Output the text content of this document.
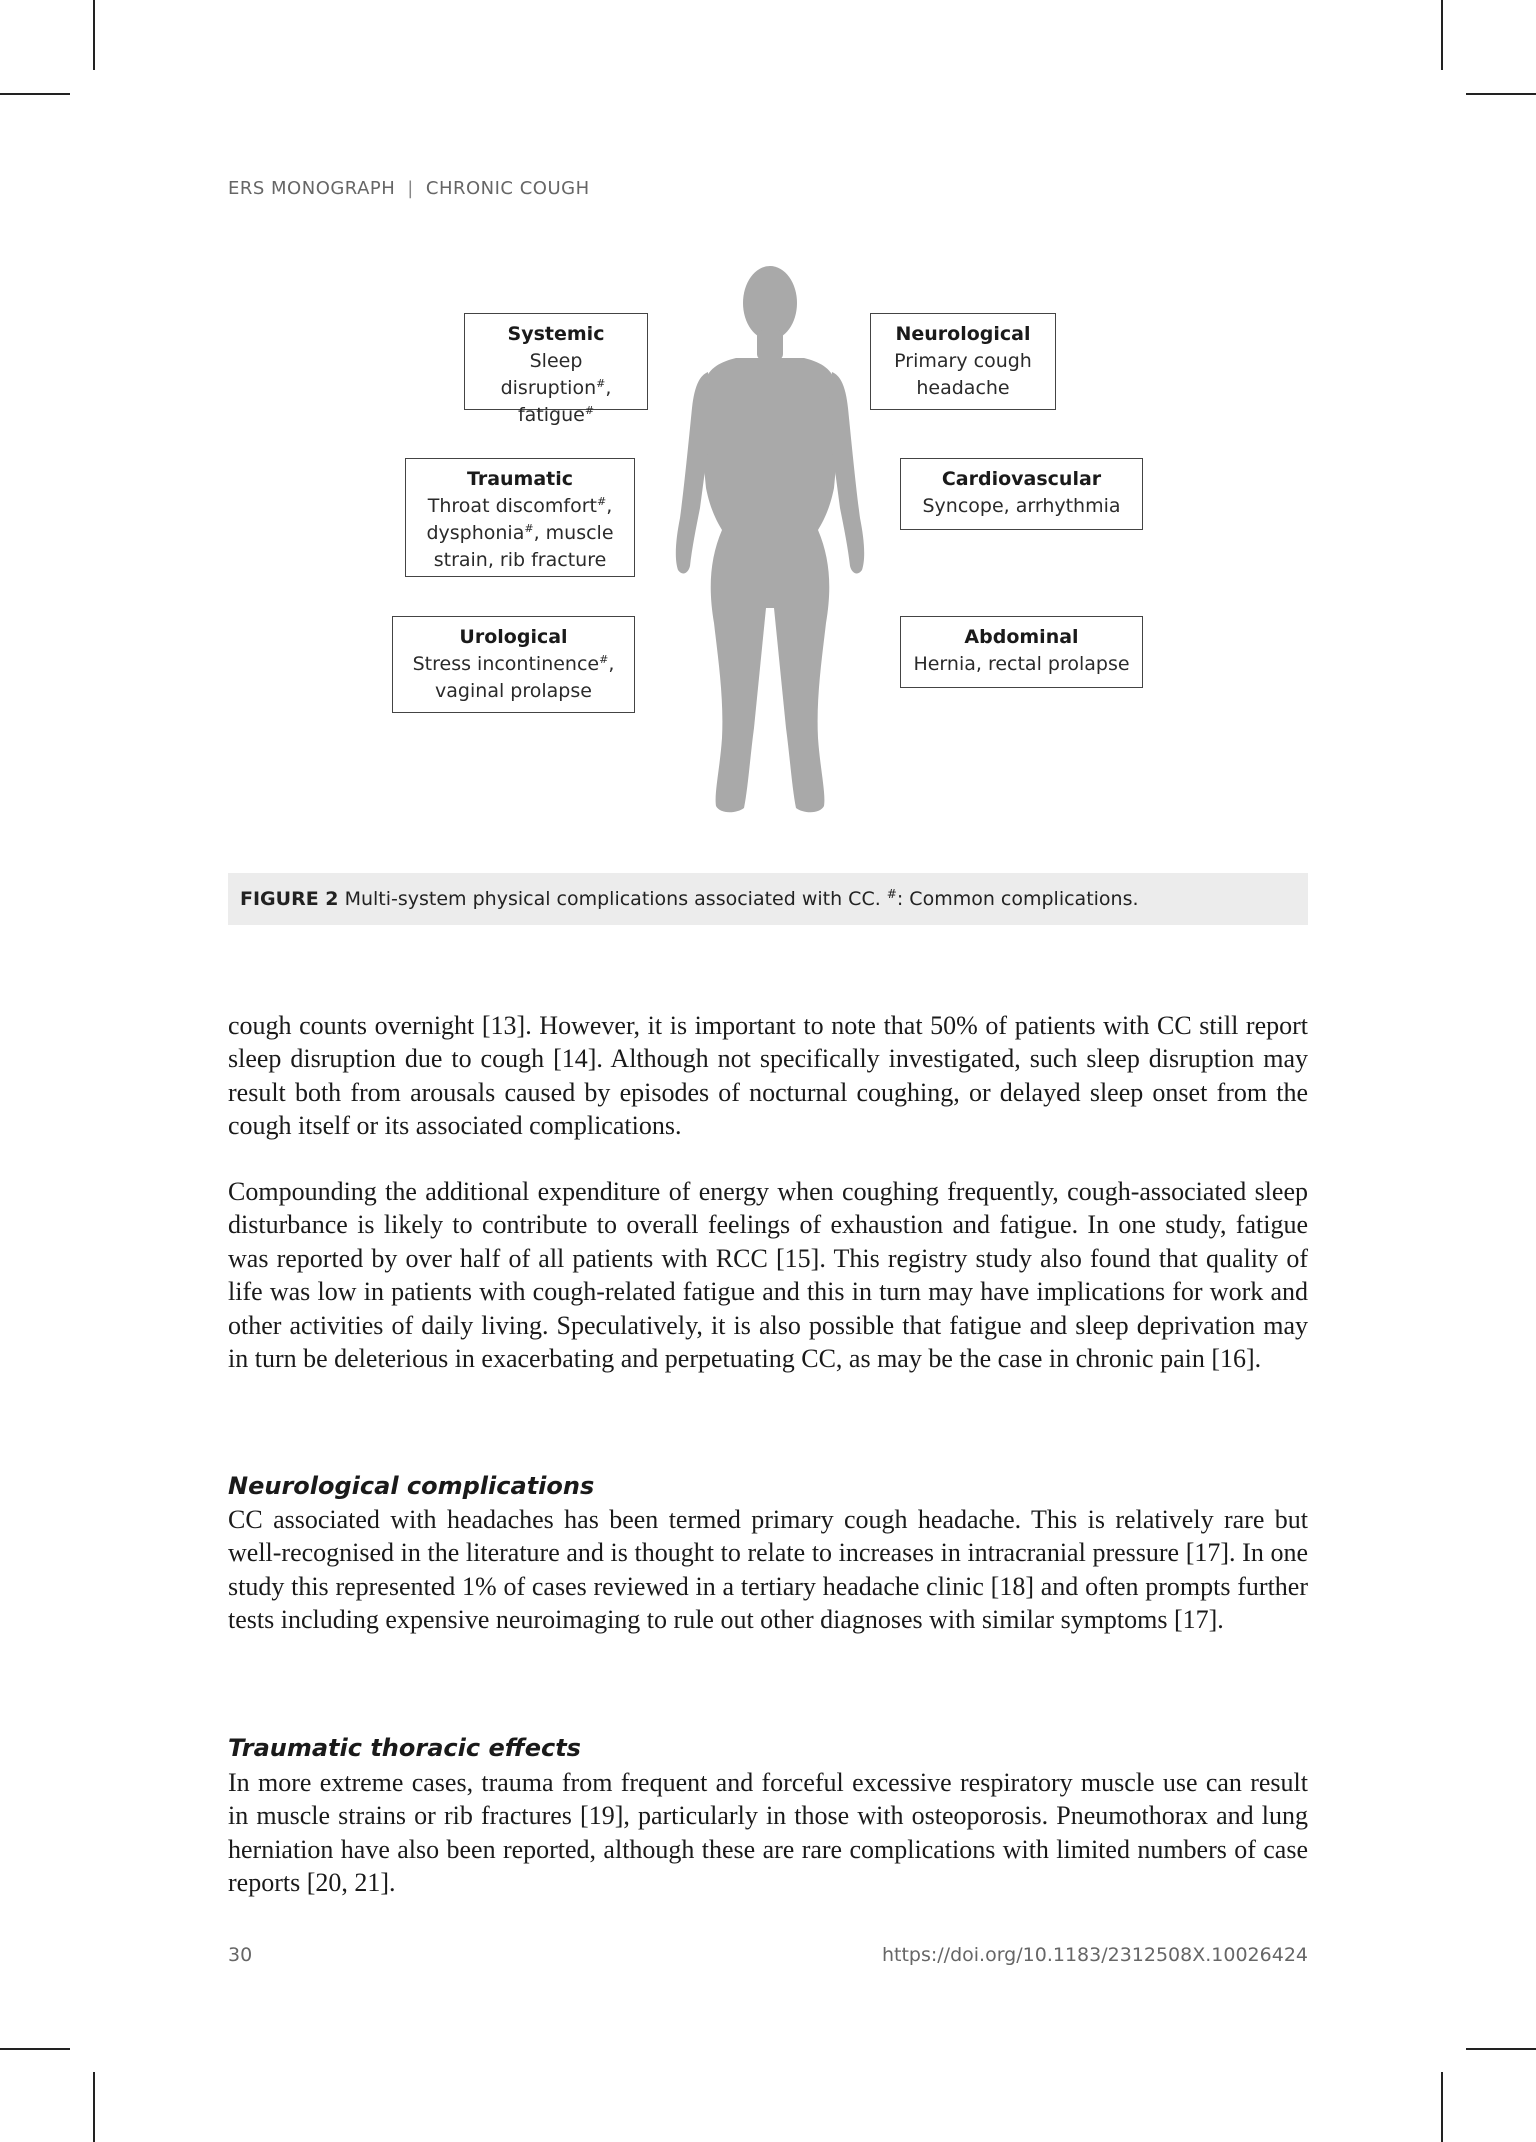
ERS MONOGRAPH | CHRONIC COUGH
Systemic
Sleep disruption#,
fatigue#
Traumatic
Throat discomfort#,
dysphonia#, muscle
strain, rib fracture
Urological
Stress incontinence#,
vaginal prolapse
Neurological
Primary cough
headache
Cardiovascular
Syncope, arrhythmia
Abdominal
Hernia, rectal prolapse
FIGURE 2 Multi-system physical complications associated with CC. #: Common complications.

cough counts overnight [13]. However, it is important to note that 50% of patients with CC still report sleep disruption due to cough [14]. Although not specifically investigated, such sleep disruption may result both from arousals caused by episodes of nocturnal coughing, or delayed sleep onset from the cough itself or its associated complications.

Compounding the additional expenditure of energy when coughing frequently, cough-associated sleep disturbance is likely to contribute to overall feelings of exhaustion and fatigue. In one study, fatigue was reported by over half of all patients with RCC [15]. This registry study also found that quality of life was low in patients with cough-related fatigue and this in turn may have implications for work and other activities of daily living. Speculatively, it is also possible that fatigue and sleep deprivation may in turn be deleterious in exacerbating and perpetuating CC, as may be the case in chronic pain [16].

Neurological complications

CC associated with headaches has been termed primary cough headache. This is relatively rare but well-recognised in the literature and is thought to relate to increases in intracranial pressure [17]. In one study this represented 1% of cases reviewed in a tertiary headache clinic [18] and often prompts further tests including expensive neuroimaging to rule out other diagnoses with similar symptoms [17].

Traumatic thoracic effects

In more extreme cases, trauma from frequent and forceful excessive respiratory muscle use can result in muscle strains or rib fractures [19], particularly in those with osteoporosis. Pneumothorax and lung herniation have also been reported, although these are rare complications with limited numbers of case reports [20, 21].

30	https://doi.org/10.1183/2312508X.10026424
